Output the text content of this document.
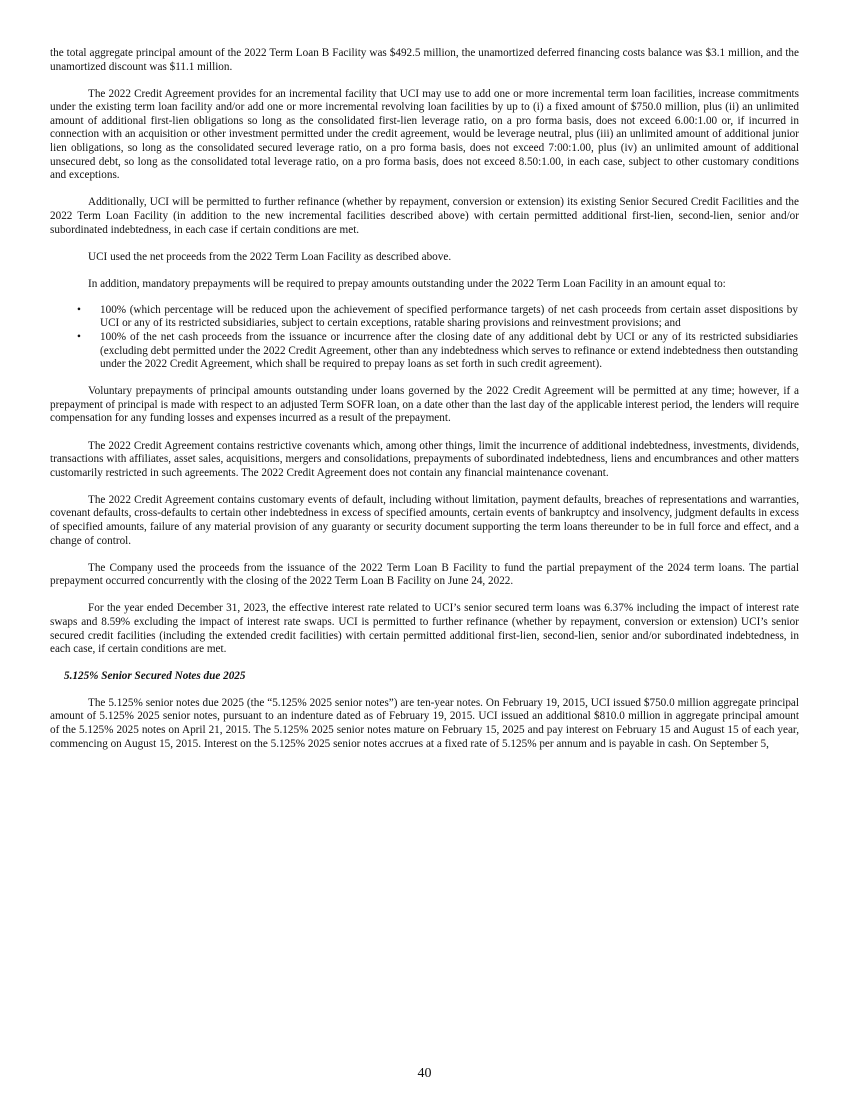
the total aggregate principal amount of the 2022 Term Loan B Facility was $492.5 million, the unamortized deferred financing costs balance was $3.1 million, and the unamortized discount was $11.1 million.

The 2022 Credit Agreement provides for an incremental facility that UCI may use to add one or more incremental term loan facilities, increase commitments under the existing term loan facility and/or add one or more incremental revolving loan facilities by up to (i) a fixed amount of $750.0 million, plus (ii) an unlimited amount of additional first-lien obligations so long as the consolidated first-lien leverage ratio, on a pro forma basis, does not exceed 6.00:1.00 or, if incurred in connection with an acquisition or other investment permitted under the credit agreement, would be leverage neutral, plus (iii) an unlimited amount of additional junior lien obligations, so long as the consolidated secured leverage ratio, on a pro forma basis, does not exceed 7:00:1.00, plus (iv) an unlimited amount of additional unsecured debt, so long as the consolidated total leverage ratio, on a pro forma basis, does not exceed 8.50:1.00, in each case, subject to other customary conditions and exceptions.

Additionally, UCI will be permitted to further refinance (whether by repayment, conversion or extension) its existing Senior Secured Credit Facilities and the 2022 Term Loan Facility (in addition to the new incremental facilities described above) with certain permitted additional first-lien, second-lien, senior and/or subordinated indebtedness, in each case if certain conditions are met.

UCI used the net proceeds from the 2022 Term Loan Facility as described above.

In addition, mandatory prepayments will be required to prepay amounts outstanding under the 2022 Term Loan Facility in an amount equal to:

• 100% (which percentage will be reduced upon the achievement of specified performance targets) of net cash proceeds from certain asset dispositions by UCI or any of its restricted subsidiaries, subject to certain exceptions, ratable sharing provisions and reinvestment provisions; and
• 100% of the net cash proceeds from the issuance or incurrence after the closing date of any additional debt by UCI or any of its restricted subsidiaries (excluding debt permitted under the 2022 Credit Agreement, other than any indebtedness which serves to refinance or extend indebtedness then outstanding under the 2022 Credit Agreement, which shall be required to prepay loans as set forth in such credit agreement).

Voluntary prepayments of principal amounts outstanding under loans governed by the 2022 Credit Agreement will be permitted at any time; however, if a prepayment of principal is made with respect to an adjusted Term SOFR loan, on a date other than the last day of the applicable interest period, the lenders will require compensation for any funding losses and expenses incurred as a result of the prepayment.

The 2022 Credit Agreement contains restrictive covenants which, among other things, limit the incurrence of additional indebtedness, investments, dividends, transactions with affiliates, asset sales, acquisitions, mergers and consolidations, prepayments of subordinated indebtedness, liens and encumbrances and other matters customarily restricted in such agreements. The 2022 Credit Agreement does not contain any financial maintenance covenant.

The 2022 Credit Agreement contains customary events of default, including without limitation, payment defaults, breaches of representations and warranties, covenant defaults, cross-defaults to certain other indebtedness in excess of specified amounts, certain events of bankruptcy and insolvency, judgment defaults in excess of specified amounts, failure of any material provision of any guaranty or security document supporting the term loans thereunder to be in full force and effect, and a change of control.

The Company used the proceeds from the issuance of the 2022 Term Loan B Facility to fund the partial prepayment of the 2024 term loans. The partial prepayment occurred concurrently with the closing of the 2022 Term Loan B Facility on June 24, 2022.

For the year ended December 31, 2023, the effective interest rate related to UCI’s senior secured term loans was 6.37% including the impact of interest rate swaps and 8.59% excluding the impact of interest rate swaps. UCI is permitted to further refinance (whether by repayment, conversion or extension) UCI’s senior secured credit facilities (including the extended credit facilities) with certain permitted additional first-lien, second-lien, senior and/or subordinated indebtedness, in each case, if certain conditions are met.

5.125% Senior Secured Notes due 2025

The 5.125% senior notes due 2025 (the “5.125% 2025 senior notes”) are ten-year notes. On February 19, 2015, UCI issued $750.0 million aggregate principal amount of 5.125% 2025 senior notes, pursuant to an indenture dated as of February 19, 2015. UCI issued an additional $810.0 million in aggregate principal amount of the 5.125% 2025 notes on April 21, 2015. The 5.125% 2025 senior notes mature on February 15, 2025 and pay interest on February 15 and August 15 of each year, commencing on August 15, 2015. Interest on the 5.125% 2025 senior notes accrues at a fixed rate of 5.125% per annum and is payable in cash. On September 5,

40
